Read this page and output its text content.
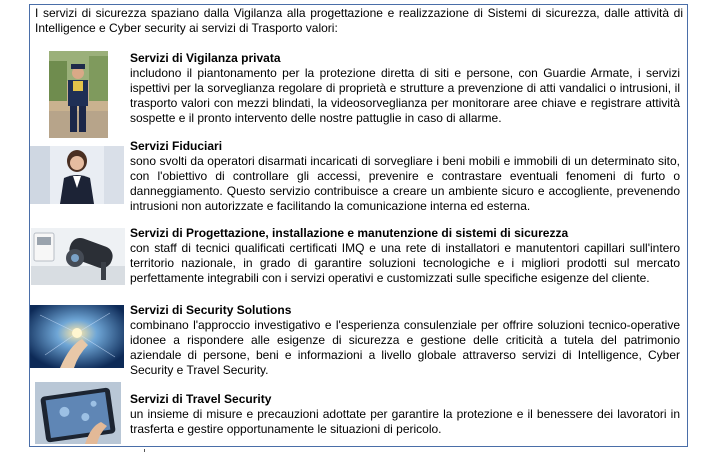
I servizi di sicurezza spaziano dalla Vigilanza alla progettazione e realizzazione di Sistemi di sicurezza, dalle attività di Intelligence e Cyber security ai servizi di Trasporto valori:
Servizi di Vigilanza privata
includono il piantonamento per la protezione diretta di siti e persone, con Guardie Armate, i servizi ispettivi per la sorveglianza regolare di proprietà e strutture a prevenzione di atti vandalici o intrusioni, il trasporto valori con mezzi blindati, la videosorveglianza per monitorare aree chiave e registrare attività sospette e il pronto intervento delle nostre pattuglie in caso di allarme.
Servizi Fiduciari
sono svolti da operatori disarmati incaricati di sorvegliare i beni mobili e immobili di un determinato sito, con l'obiettivo di controllare gli accessi, prevenire e contrastare eventuali fenomeni di furto o danneggiamento. Questo servizio contribuisce a creare un ambiente sicuro e accogliente, prevenendo intrusioni non autorizzate e facilitando la comunicazione interna ed esterna.
Servizi di Progettazione, installazione e manutenzione di sistemi di sicurezza
con staff di tecnici qualificati certificati IMQ e una rete di installatori e manutentori capillari sull'intero territorio nazionale, in grado di garantire soluzioni tecnologiche e i migliori prodotti sul mercato perfettamente integrabili con i servizi operativi e customizzati sulle specifiche esigenze del cliente.
Servizi di Security Solutions
combinano l'approccio investigativo e l'esperienza consulenziale per offrire soluzioni tecnico-operative idonee a rispondere alle esigenze di sicurezza e gestione delle criticità a tutela del patrimonio aziendale di persone, beni e informazioni a livello globale attraverso servizi di Intelligence, Cyber Security e Travel Security.
Servizi di Travel Security
un insieme di misure e precauzioni adottate per garantire la protezione e il benessere dei lavoratori in trasferta e gestire opportunamente le situazioni di pericolo.
